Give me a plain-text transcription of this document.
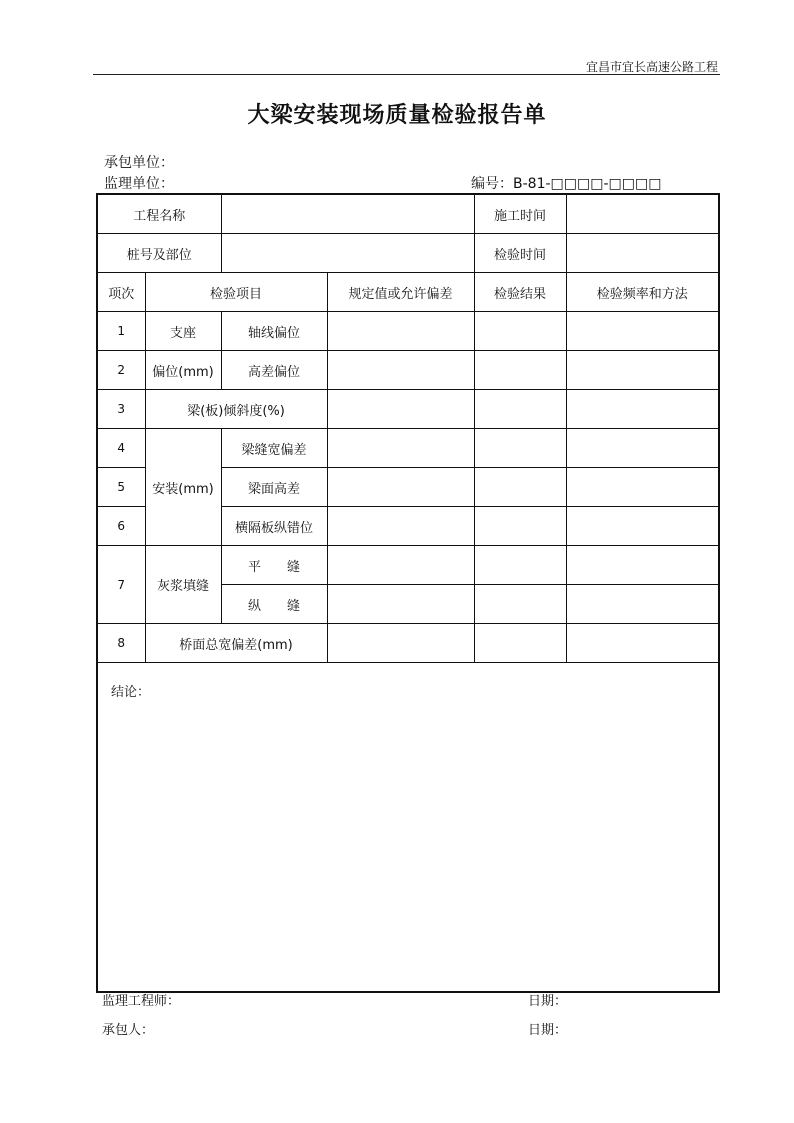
宜昌市宜长高速公路工程
大梁安装现场质量检验报告单
承包单位：
监理单位：	编号：B-81-□□□□-□□□□
工程名称				施工时间	
桩号及部位				检验时间	
项次	检验项目		规定值或允许偏差	检验结果	检验频率和方法
1	支座	轴线偏位			
2	偏位(mm)	高差偏位			
3	梁(板)倾斜度(%)				
4	安装(mm)	梁缝宽偏差			
5		梁面高差			
6		横隔板纵错位			
7	灰浆填缝	平　　缝			
		纵　　缝			
8	桥面总宽偏差(mm)				
结论：					
监理工程师：	日期：
承包人：	日期：
